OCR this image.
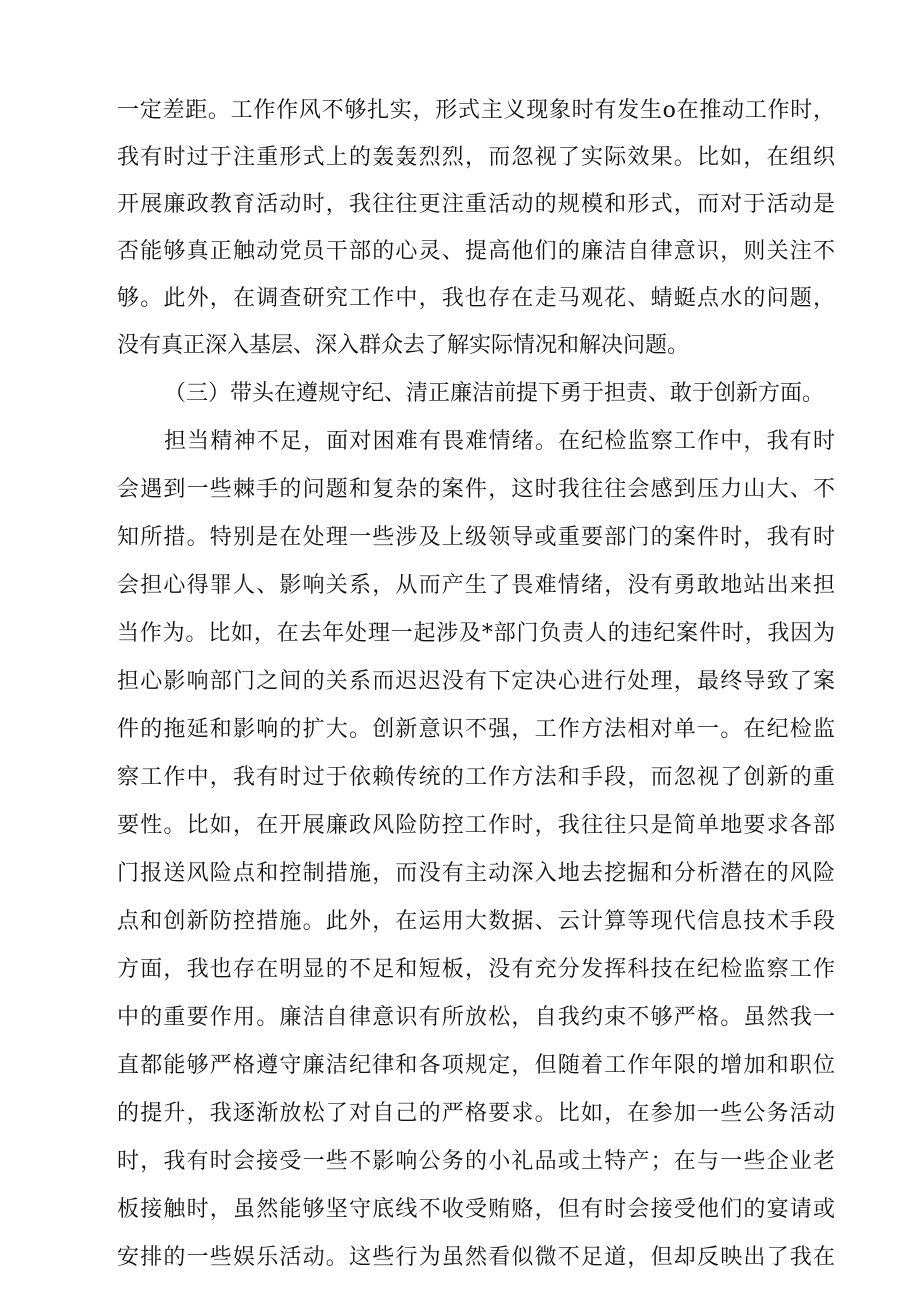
一定差距。工作作风不够扎实，形式主义现象时有发生o在推动工作时，
我有时过于注重形式上的轰轰烈烈，而忽视了实际效果。比如，在组织
开展廉政教育活动时，我往往更注重活动的规模和形式，而对于活动是
否能够真正触动党员干部的心灵、提高他们的廉洁自律意识，则关注不
够。此外，在调查研究工作中，我也存在走马观花、蜻蜓点水的问题，
没有真正深入基层、深入群众去了解实际情况和解决问题。
（三）带头在遵规守纪、清正廉洁前提下勇于担责、敢于创新方面。
担当精神不足，面对困难有畏难情绪。在纪检监察工作中，我有时
会遇到一些棘手的问题和复杂的案件，这时我往往会感到压力山大、不
知所措。特别是在处理一些涉及上级领导或重要部门的案件时，我有时
会担心得罪人、影响关系，从而产生了畏难情绪，没有勇敢地站出来担
当作为。比如，在去年处理一起涉及*部门负责人的违纪案件时，我因为
担心影响部门之间的关系而迟迟没有下定决心进行处理，最终导致了案
件的拖延和影响的扩大。创新意识不强，工作方法相对单一。在纪检监
察工作中，我有时过于依赖传统的工作方法和手段，而忽视了创新的重
要性。比如，在开展廉政风险防控工作时，我往往只是简单地要求各部
门报送风险点和控制措施，而没有主动深入地去挖掘和分析潜在的风险
点和创新防控措施。此外，在运用大数据、云计算等现代信息技术手段
方面，我也存在明显的不足和短板，没有充分发挥科技在纪检监察工作
中的重要作用。廉洁自律意识有所放松，自我约束不够严格。虽然我一
直都能够严格遵守廉洁纪律和各项规定，但随着工作年限的增加和职位
的提升，我逐渐放松了对自己的严格要求。比如，在参加一些公务活动
时，我有时会接受一些不影响公务的小礼品或土特产；在与一些企业老
板接触时，虽然能够坚守底线不收受贿赂，但有时会接受他们的宴请或
安排的一些娱乐活动。这些行为虽然看似微不足道，但却反映出了我在
